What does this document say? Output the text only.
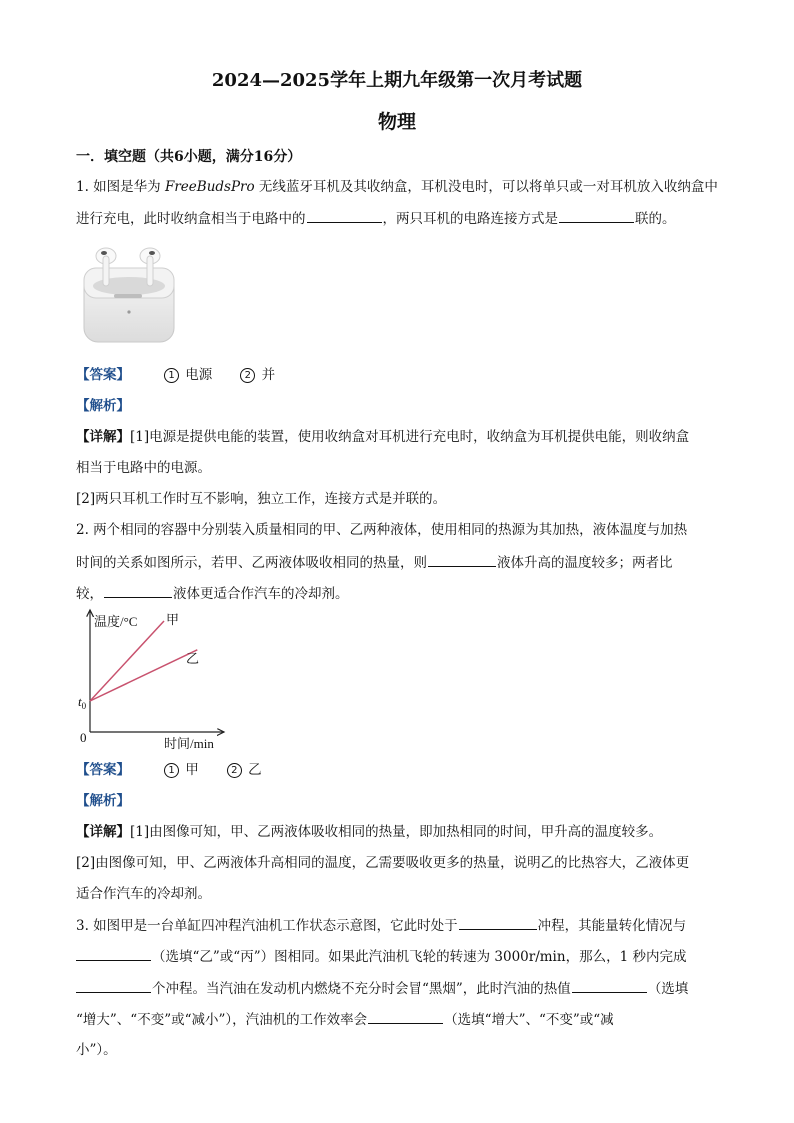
2024—2025学年上期九年级第一次月考试题
物理
一．填空题（共6小题，满分16分）
1. 如图是华为 FreeBudsPro 无线蓝牙耳机及其收纳盒，耳机没电时，可以将单只或一对耳机放入收纳盒中
进行充电，此时收纳盒相当于电路中的	，两只耳机的电路连接方式是	联的。
【答案】	1 电源	2 并
【解析】
【详解】[1]电源是提供电能的装置，使用收纳盒对耳机进行充电时，收纳盒为耳机提供电能，则收纳盒
相当于电路中的电源。
[2]两只耳机工作时互不影响，独立工作，连接方式是并联的。
2. 两个相同的容器中分别装入质量相同的甲、乙两种液体，使用相同的热源为其加热，液体温度与加热
时间的关系如图所示，若甲、乙两液体吸收相同的热量，则	液体升高的温度较多；两者比
较，	液体更适合作汽车的冷却剂。
温度/°C
时间/min
0
$t_0$
甲
乙
【答案】	1 甲	2 乙
【解析】
【详解】[1]由图像可知，甲、乙两液体吸收相同的热量，即加热相同的时间，甲升高的温度较多。
[2]由图像可知，甲、乙两液体升高相同的温度，乙需要吸收更多的热量，说明乙的比热容大，乙液体更
适合作汽车的冷却剂。
3. 如图甲是一台单缸四冲程汽油机工作状态示意图，它此时处于	冲程，其能量转化情况与
（选填“乙”或“丙”）图相同。如果此汽油机飞轮的转速为 3000r/min，那么，1 秒内完成
个冲程。当汽油在发动机内燃烧不充分时会冒“黑烟”，此时汽油的热值	（选填
“增大”、“不变”或“减小”），汽油机的工作效率会	（选填“增大”、“不变”或“减
小”）。
